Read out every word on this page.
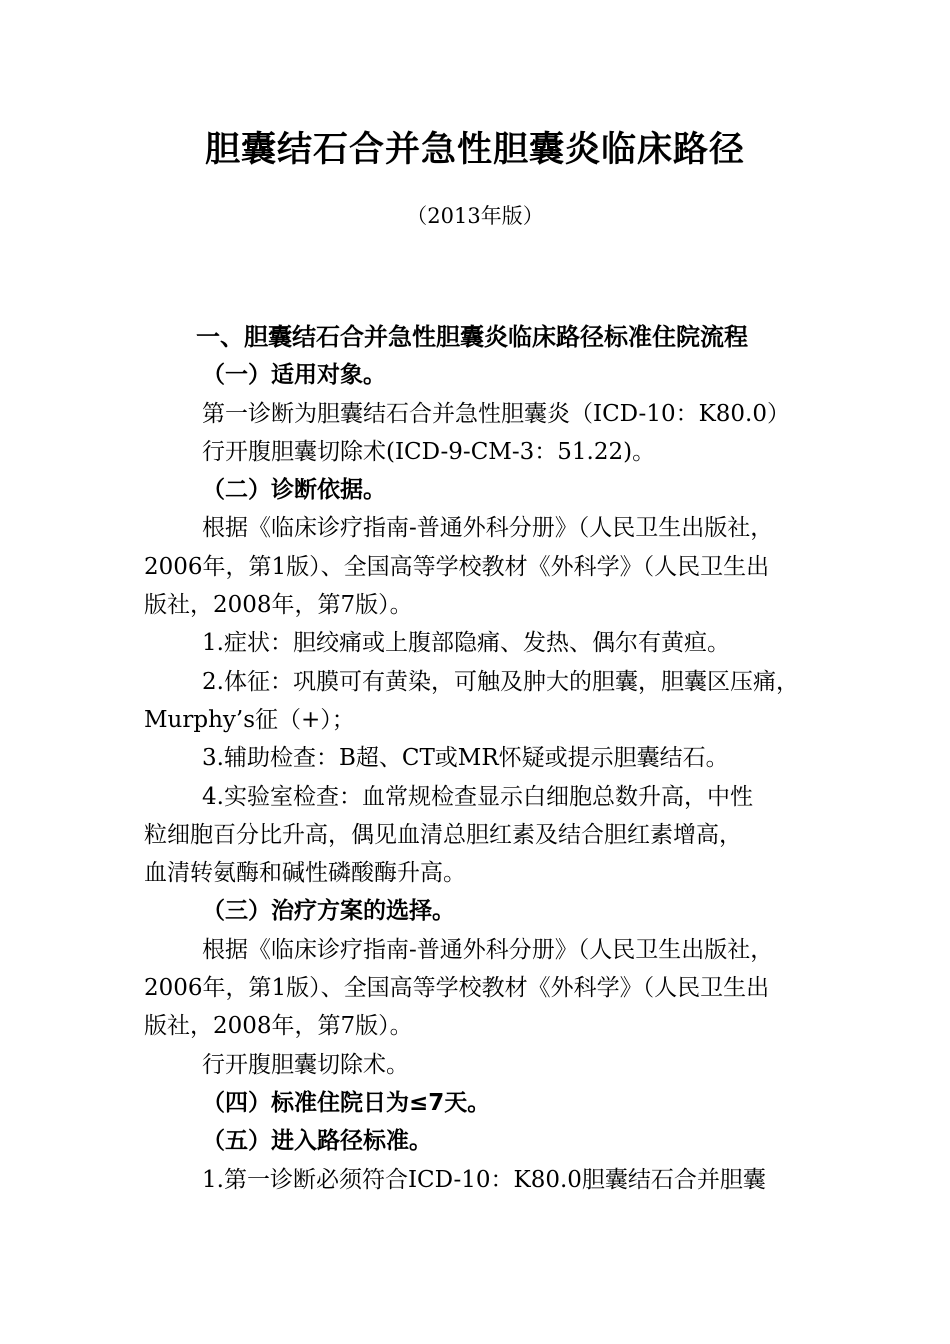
胆囊结石合并急性胆囊炎临床路径
（2013年版）
一、胆囊结石合并急性胆囊炎临床路径标准住院流程
（一）适用对象。
第一诊断为胆囊结石合并急性胆囊炎（ICD-10：K80.0）
行开腹胆囊切除术(ICD-9-CM-3：51.22)。
（二）诊断依据。
根据《临床诊疗指南-普通外科分册》（人民卫生出版社，
2006年，第1版）、全国高等学校教材《外科学》（人民卫生出
版社，2008年，第7版）。
1.症状：胆绞痛或上腹部隐痛、发热、偶尔有黄疸。
2.体征：巩膜可有黄染，可触及肿大的胆囊，胆囊区压痛，
Murphy’s征（+）；
3.辅助检查：B超、CT或MR怀疑或提示胆囊结石。
4.实验室检查：血常规检查显示白细胞总数升高，中性
粒细胞百分比升高，偶见血清总胆红素及结合胆红素增高，
血清转氨酶和碱性磷酸酶升高。
（三）治疗方案的选择。
根据《临床诊疗指南-普通外科分册》（人民卫生出版社，
2006年，第1版）、全国高等学校教材《外科学》（人民卫生出
版社，2008年，第7版）。
行开腹胆囊切除术。
（四）标准住院日为≤7天。
（五）进入路径标准。
1.第一诊断必须符合ICD-10：K80.0胆囊结石合并胆囊
